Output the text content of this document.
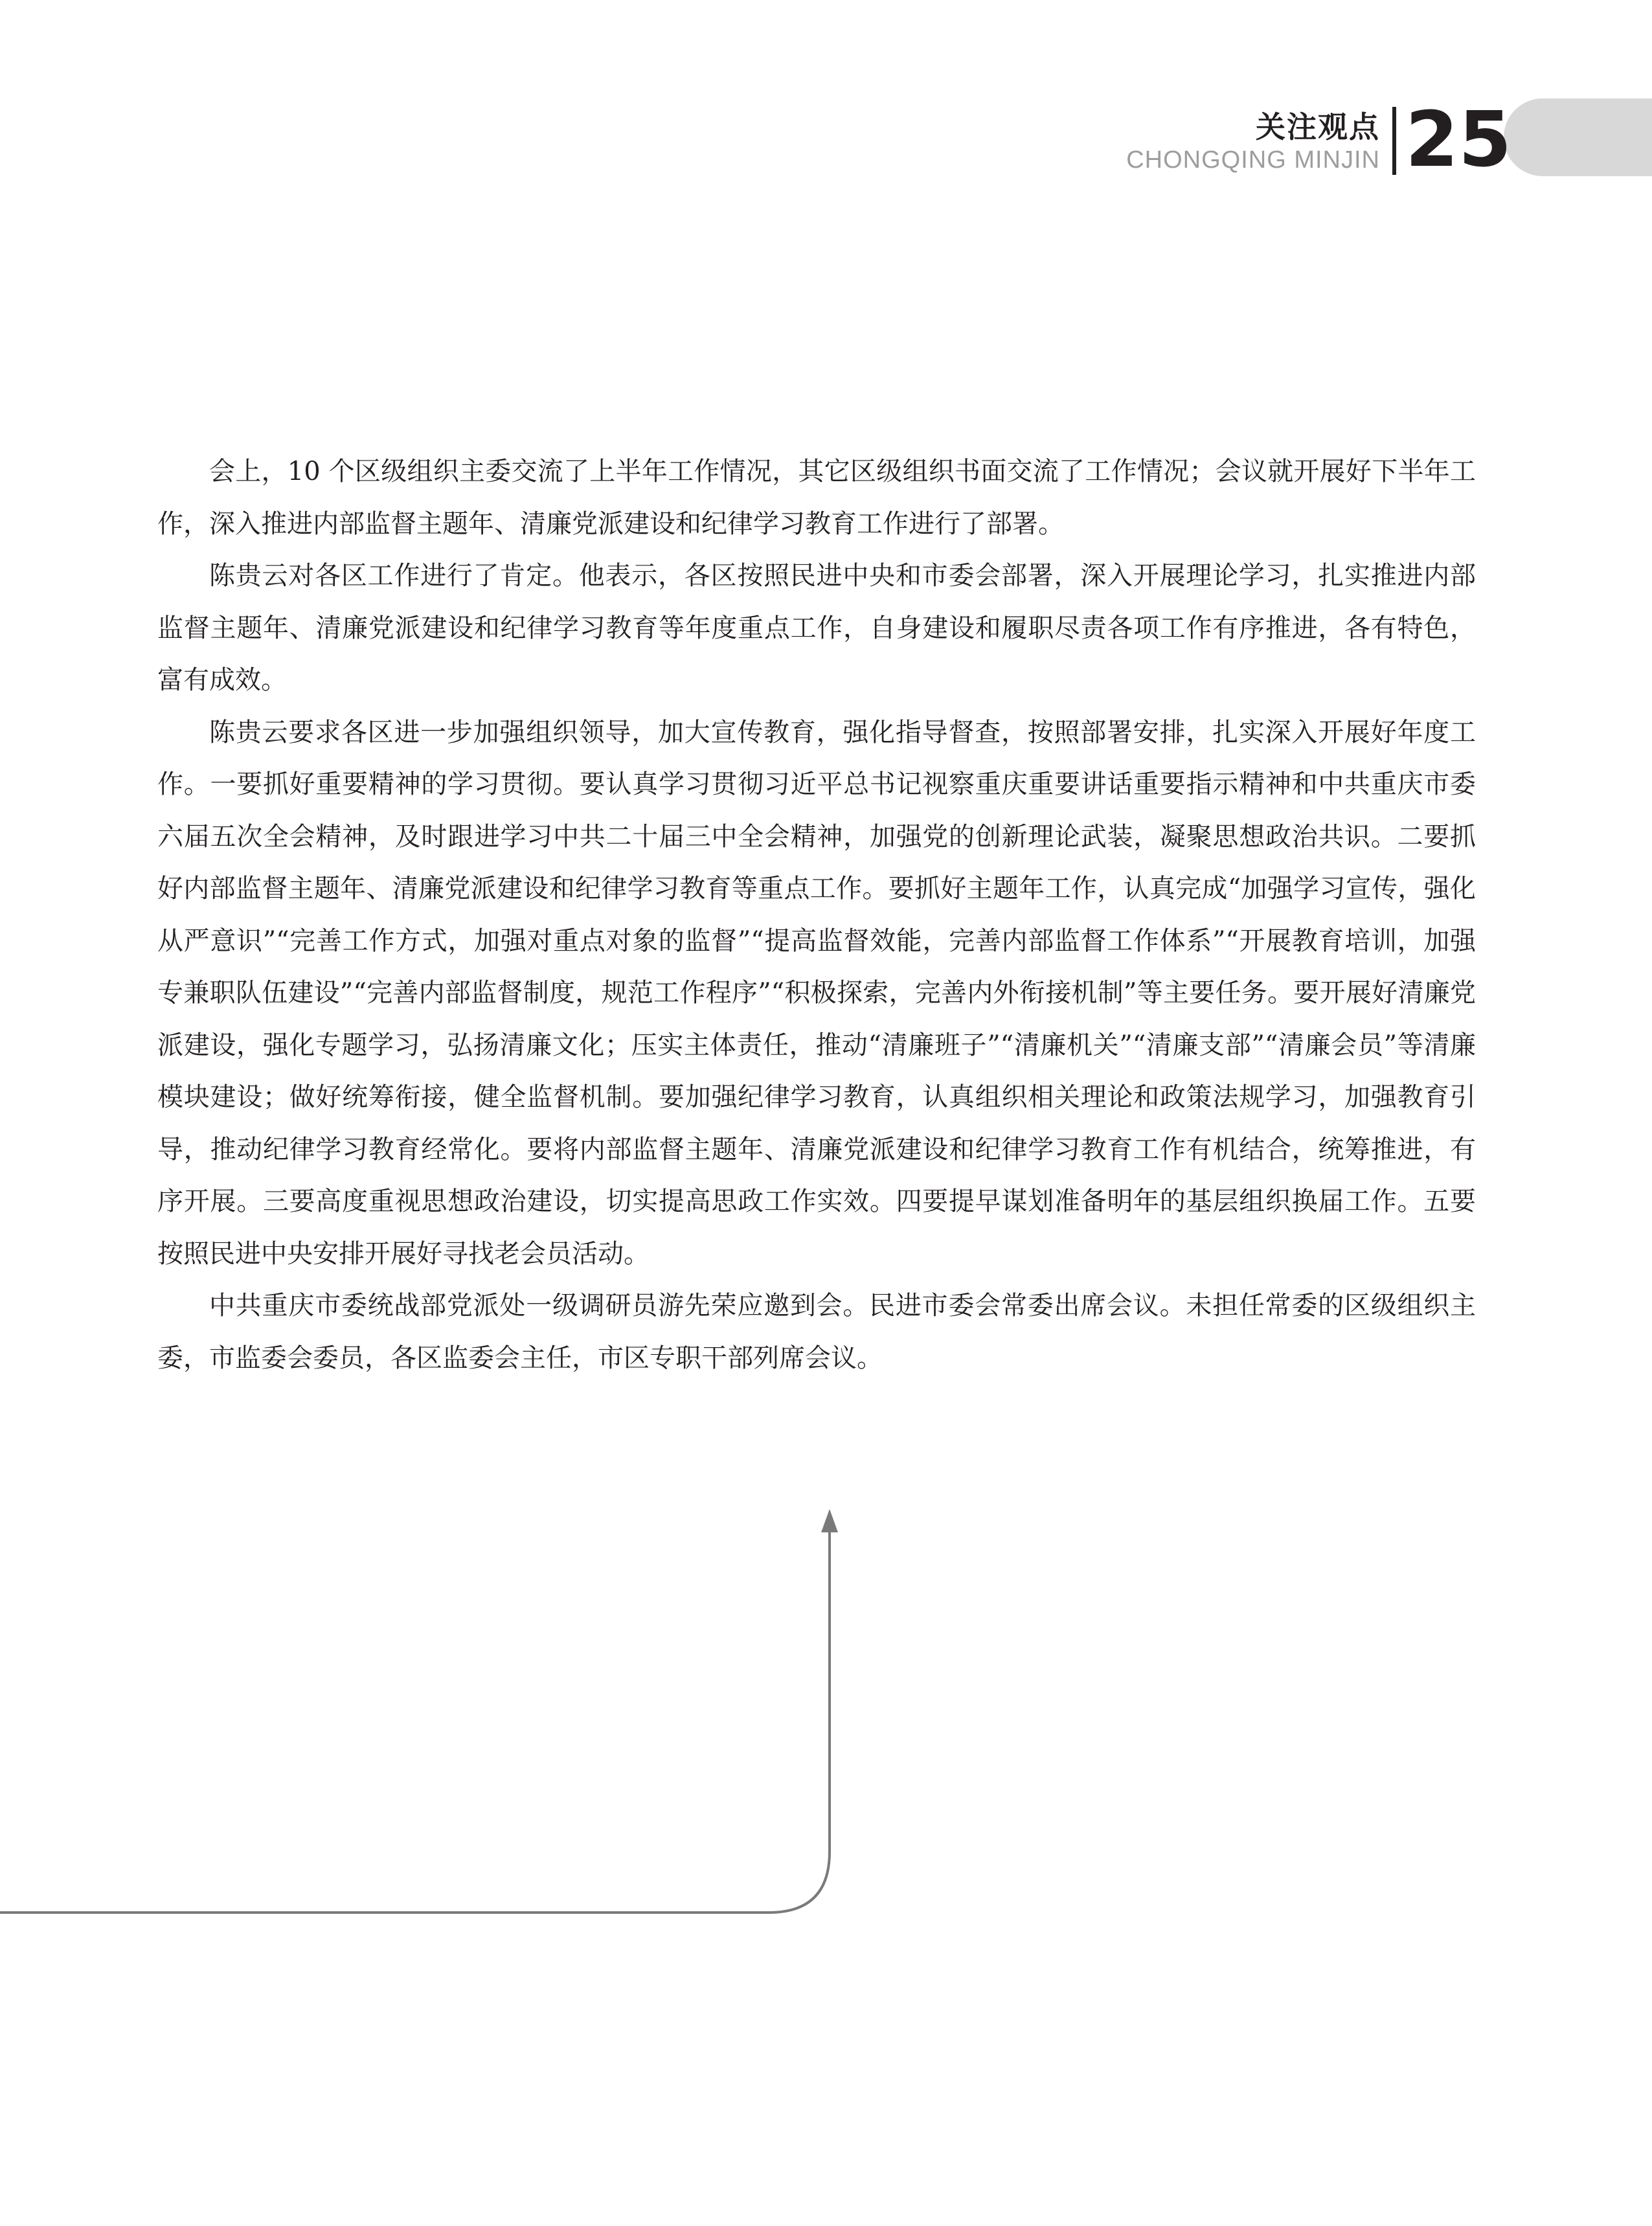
关注观点
CHONGQING MINJIN 25

会上，10 个区级组织主委交流了上半年工作情况，其它区级组织书面交流了工作情况；会议就开展好下半年工作，深入推进内部监督主题年、清廉党派建设和纪律学习教育工作进行了部署。

陈贵云对各区工作进行了肯定。他表示，各区按照民进中央和市委会部署，深入开展理论学习，扎实推进内部监督主题年、清廉党派建设和纪律学习教育等年度重点工作，自身建设和履职尽责各项工作有序推进，各有特色，富有成效。

陈贵云要求各区进一步加强组织领导，加大宣传教育，强化指导督查，按照部署安排，扎实深入开展好年度工作。一要抓好重要精神的学习贯彻。要认真学习贯彻习近平总书记视察重庆重要讲话重要指示精神和中共重庆市委六届五次全会精神，及时跟进学习中共二十届三中全会精神，加强党的创新理论武装，凝聚思想政治共识。二要抓好内部监督主题年、清廉党派建设和纪律学习教育等重点工作。要抓好主题年工作，认真完成“加强学习宣传，强化从严意识”“完善工作方式，加强对重点对象的监督”“提高监督效能，完善内部监督工作体系”“开展教育培训，加强专兼职队伍建设”“完善内部监督制度，规范工作程序”“积极探索，完善内外衔接机制”等主要任务。要开展好清廉党派建设，强化专题学习，弘扬清廉文化；压实主体责任，推动“清廉班子”“清廉机关”“清廉支部”“清廉会员”等清廉模块建设；做好统筹衔接，健全监督机制。要加强纪律学习教育，认真组织相关理论和政策法规学习，加强教育引导，推动纪律学习教育经常化。要将内部监督主题年、清廉党派建设和纪律学习教育工作有机结合，统筹推进，有序开展。三要高度重视思想政治建设，切实提高思政工作实效。四要提早谋划准备明年的基层组织换届工作。五要按照民进中央安排开展好寻找老会员活动。

中共重庆市委统战部党派处一级调研员游先荣应邀到会。民进市委会常委出席会议。未担任常委的区级组织主委，市监委会委员，各区监委会主任，市区专职干部列席会议。
